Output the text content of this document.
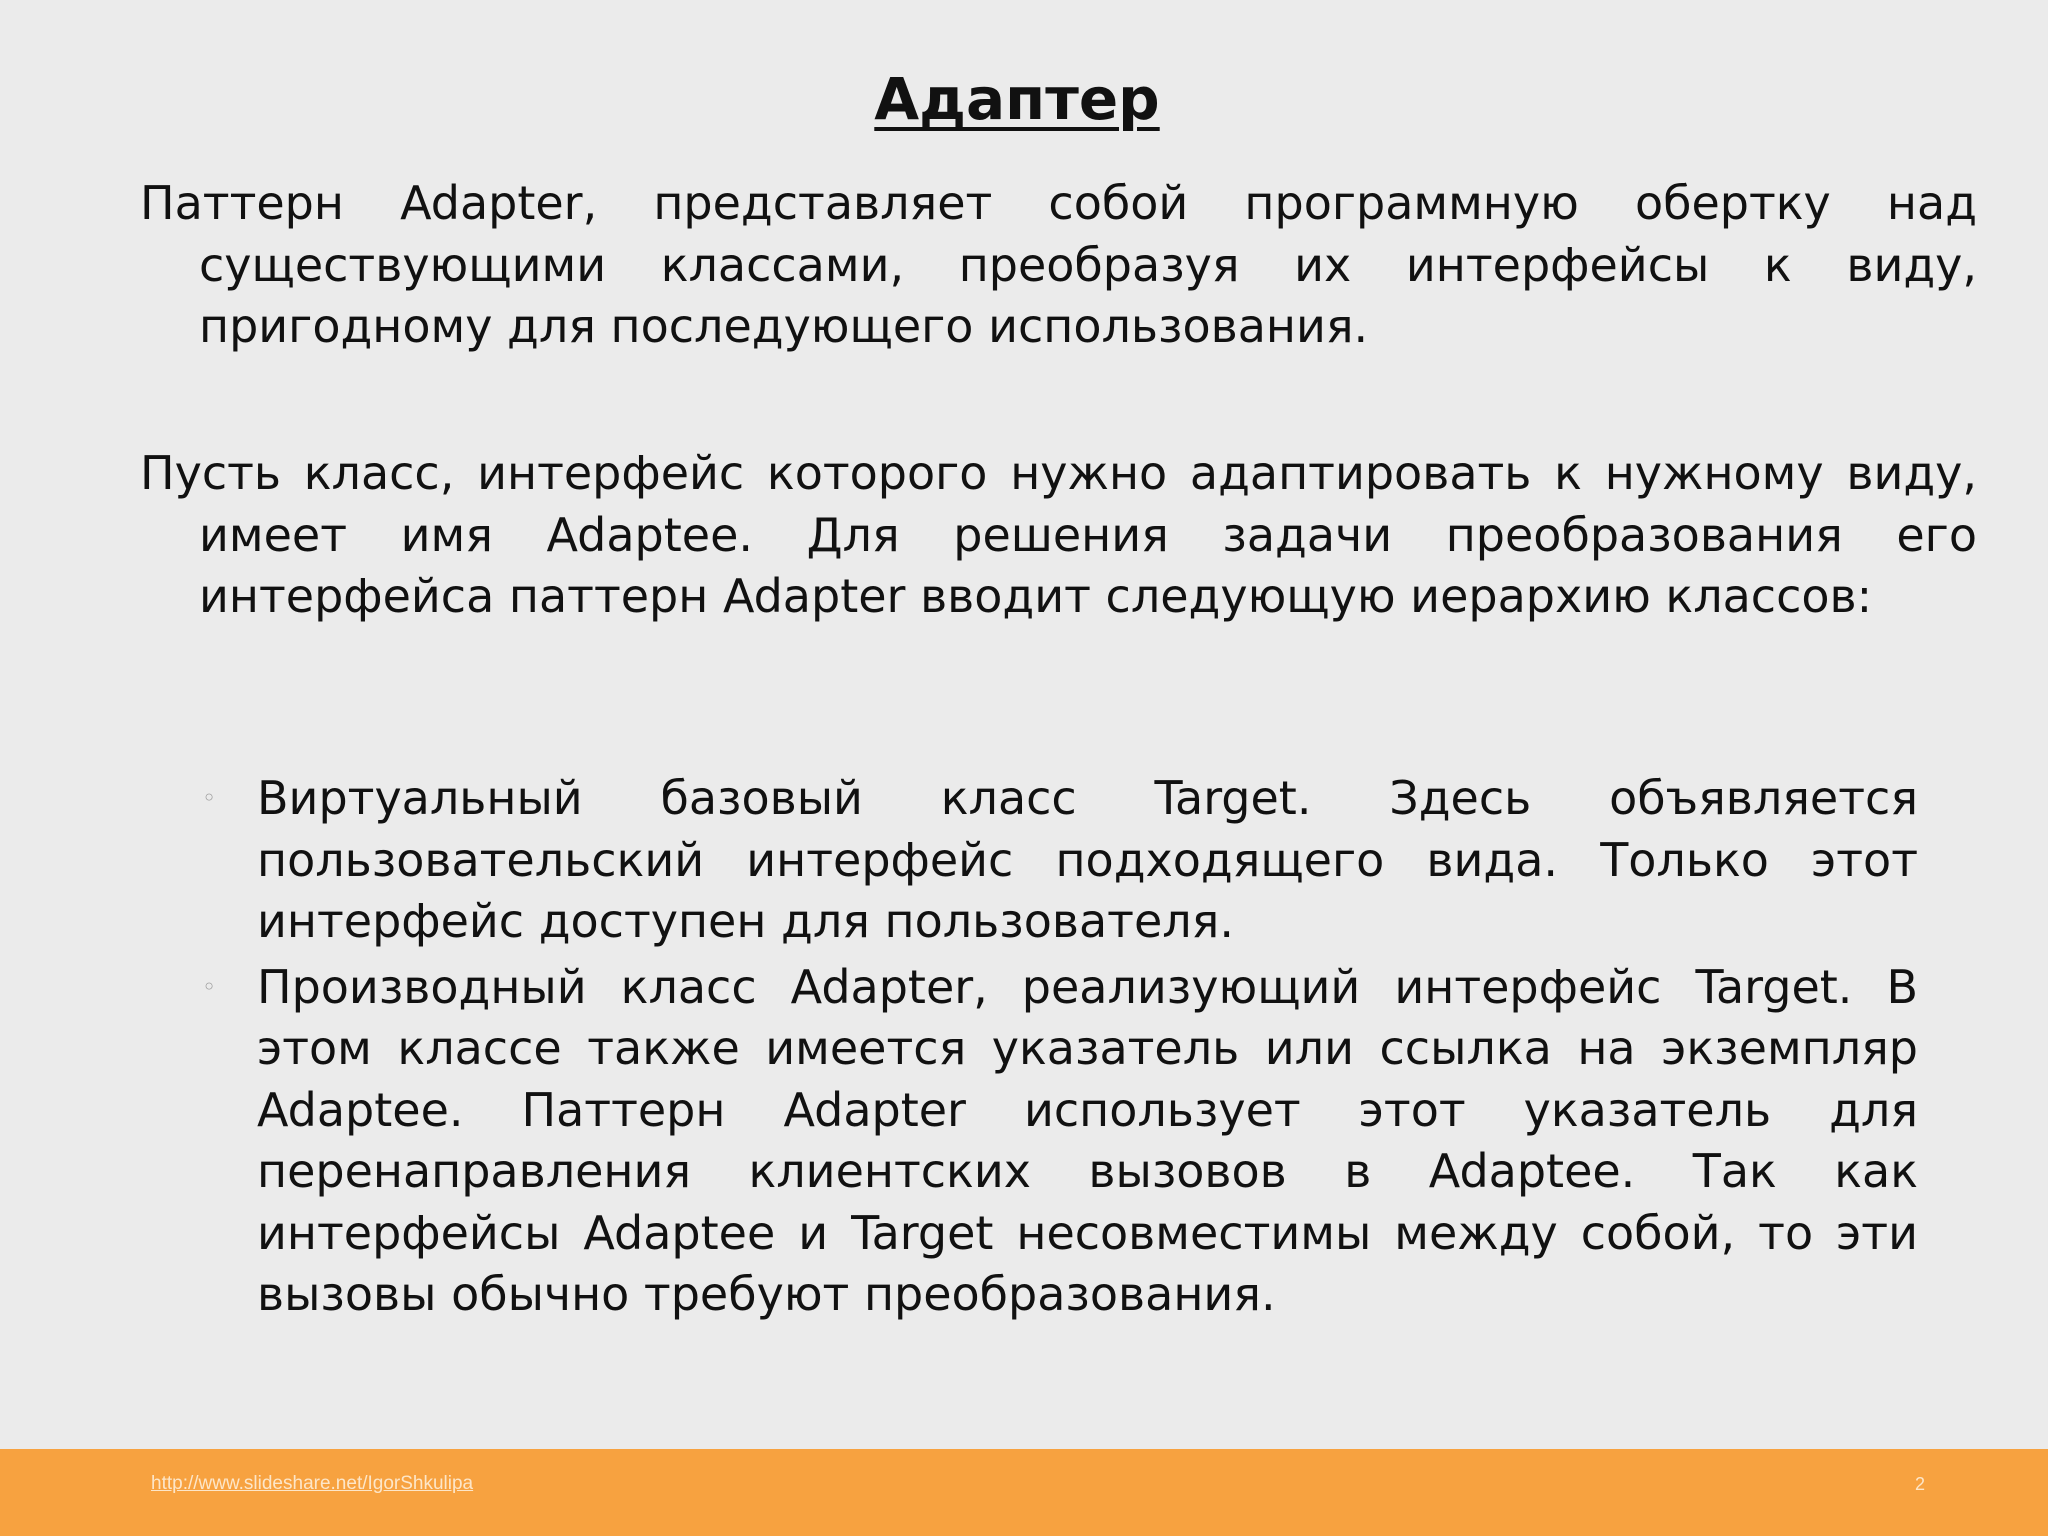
Адаптер

Паттерн Adapter, представляет собой программную обертку над существующими классами, преобразуя их интерфейсы к виду, пригодному для последующего использования.

Пусть класс, интерфейс которого нужно адаптировать к нужному виду, имеет имя Adaptee. Для решения задачи преобразования его интерфейса паттерн Adapter вводит следующую иерархию классов:

◦ Виртуальный базовый класс Target. Здесь объявляется пользовательский интерфейс подходящего вида. Только этот интерфейс доступен для пользователя.
◦ Производный класс Adapter, реализующий интерфейс Target. В этом классе также имеется указатель или ссылка на экземпляр Adaptee. Паттерн Adapter использует этот указатель для перенаправления клиентских вызовов в Adaptee. Так как интерфейсы Adaptee и Target несовместимы между собой, то эти вызовы обычно требуют преобразования.
http://www.slideshare.net/IgorShkulipa	2
